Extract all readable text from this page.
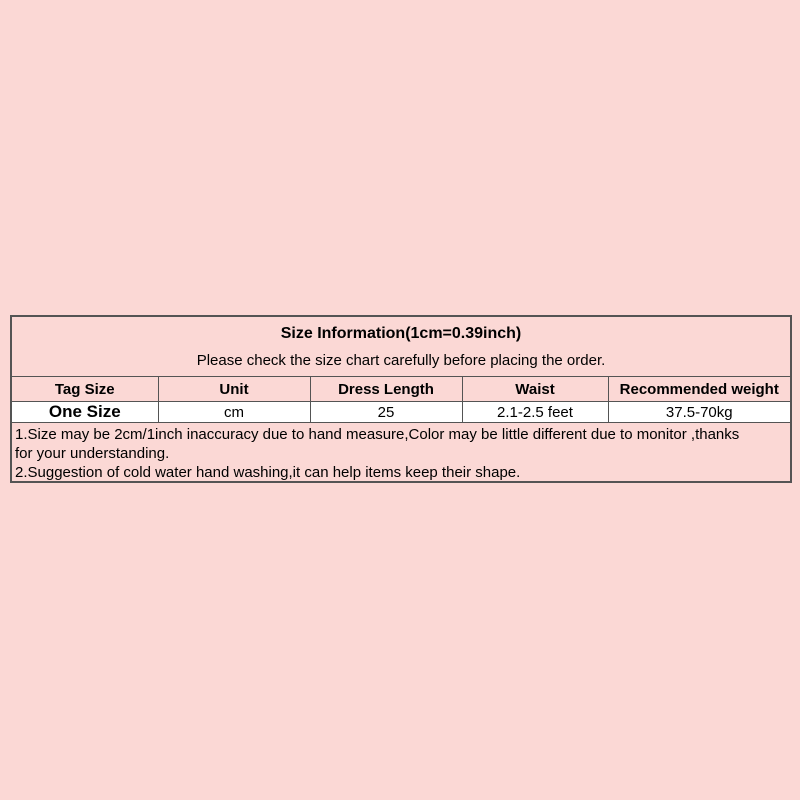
Size Information(1cm=0.39inch)
Please check the size chart carefully before placing the order.
Tag Size	Unit	Dress Length	Waist	Recommended weight
One Size	cm	25	2.1-2.5 feet	37.5-70kg
1.Size may be 2cm/1inch inaccuracy due to hand measure,Color may be little different due to monitor ,thanks
for your understanding.
2.Suggestion of cold water hand washing,it can help items keep their shape.
